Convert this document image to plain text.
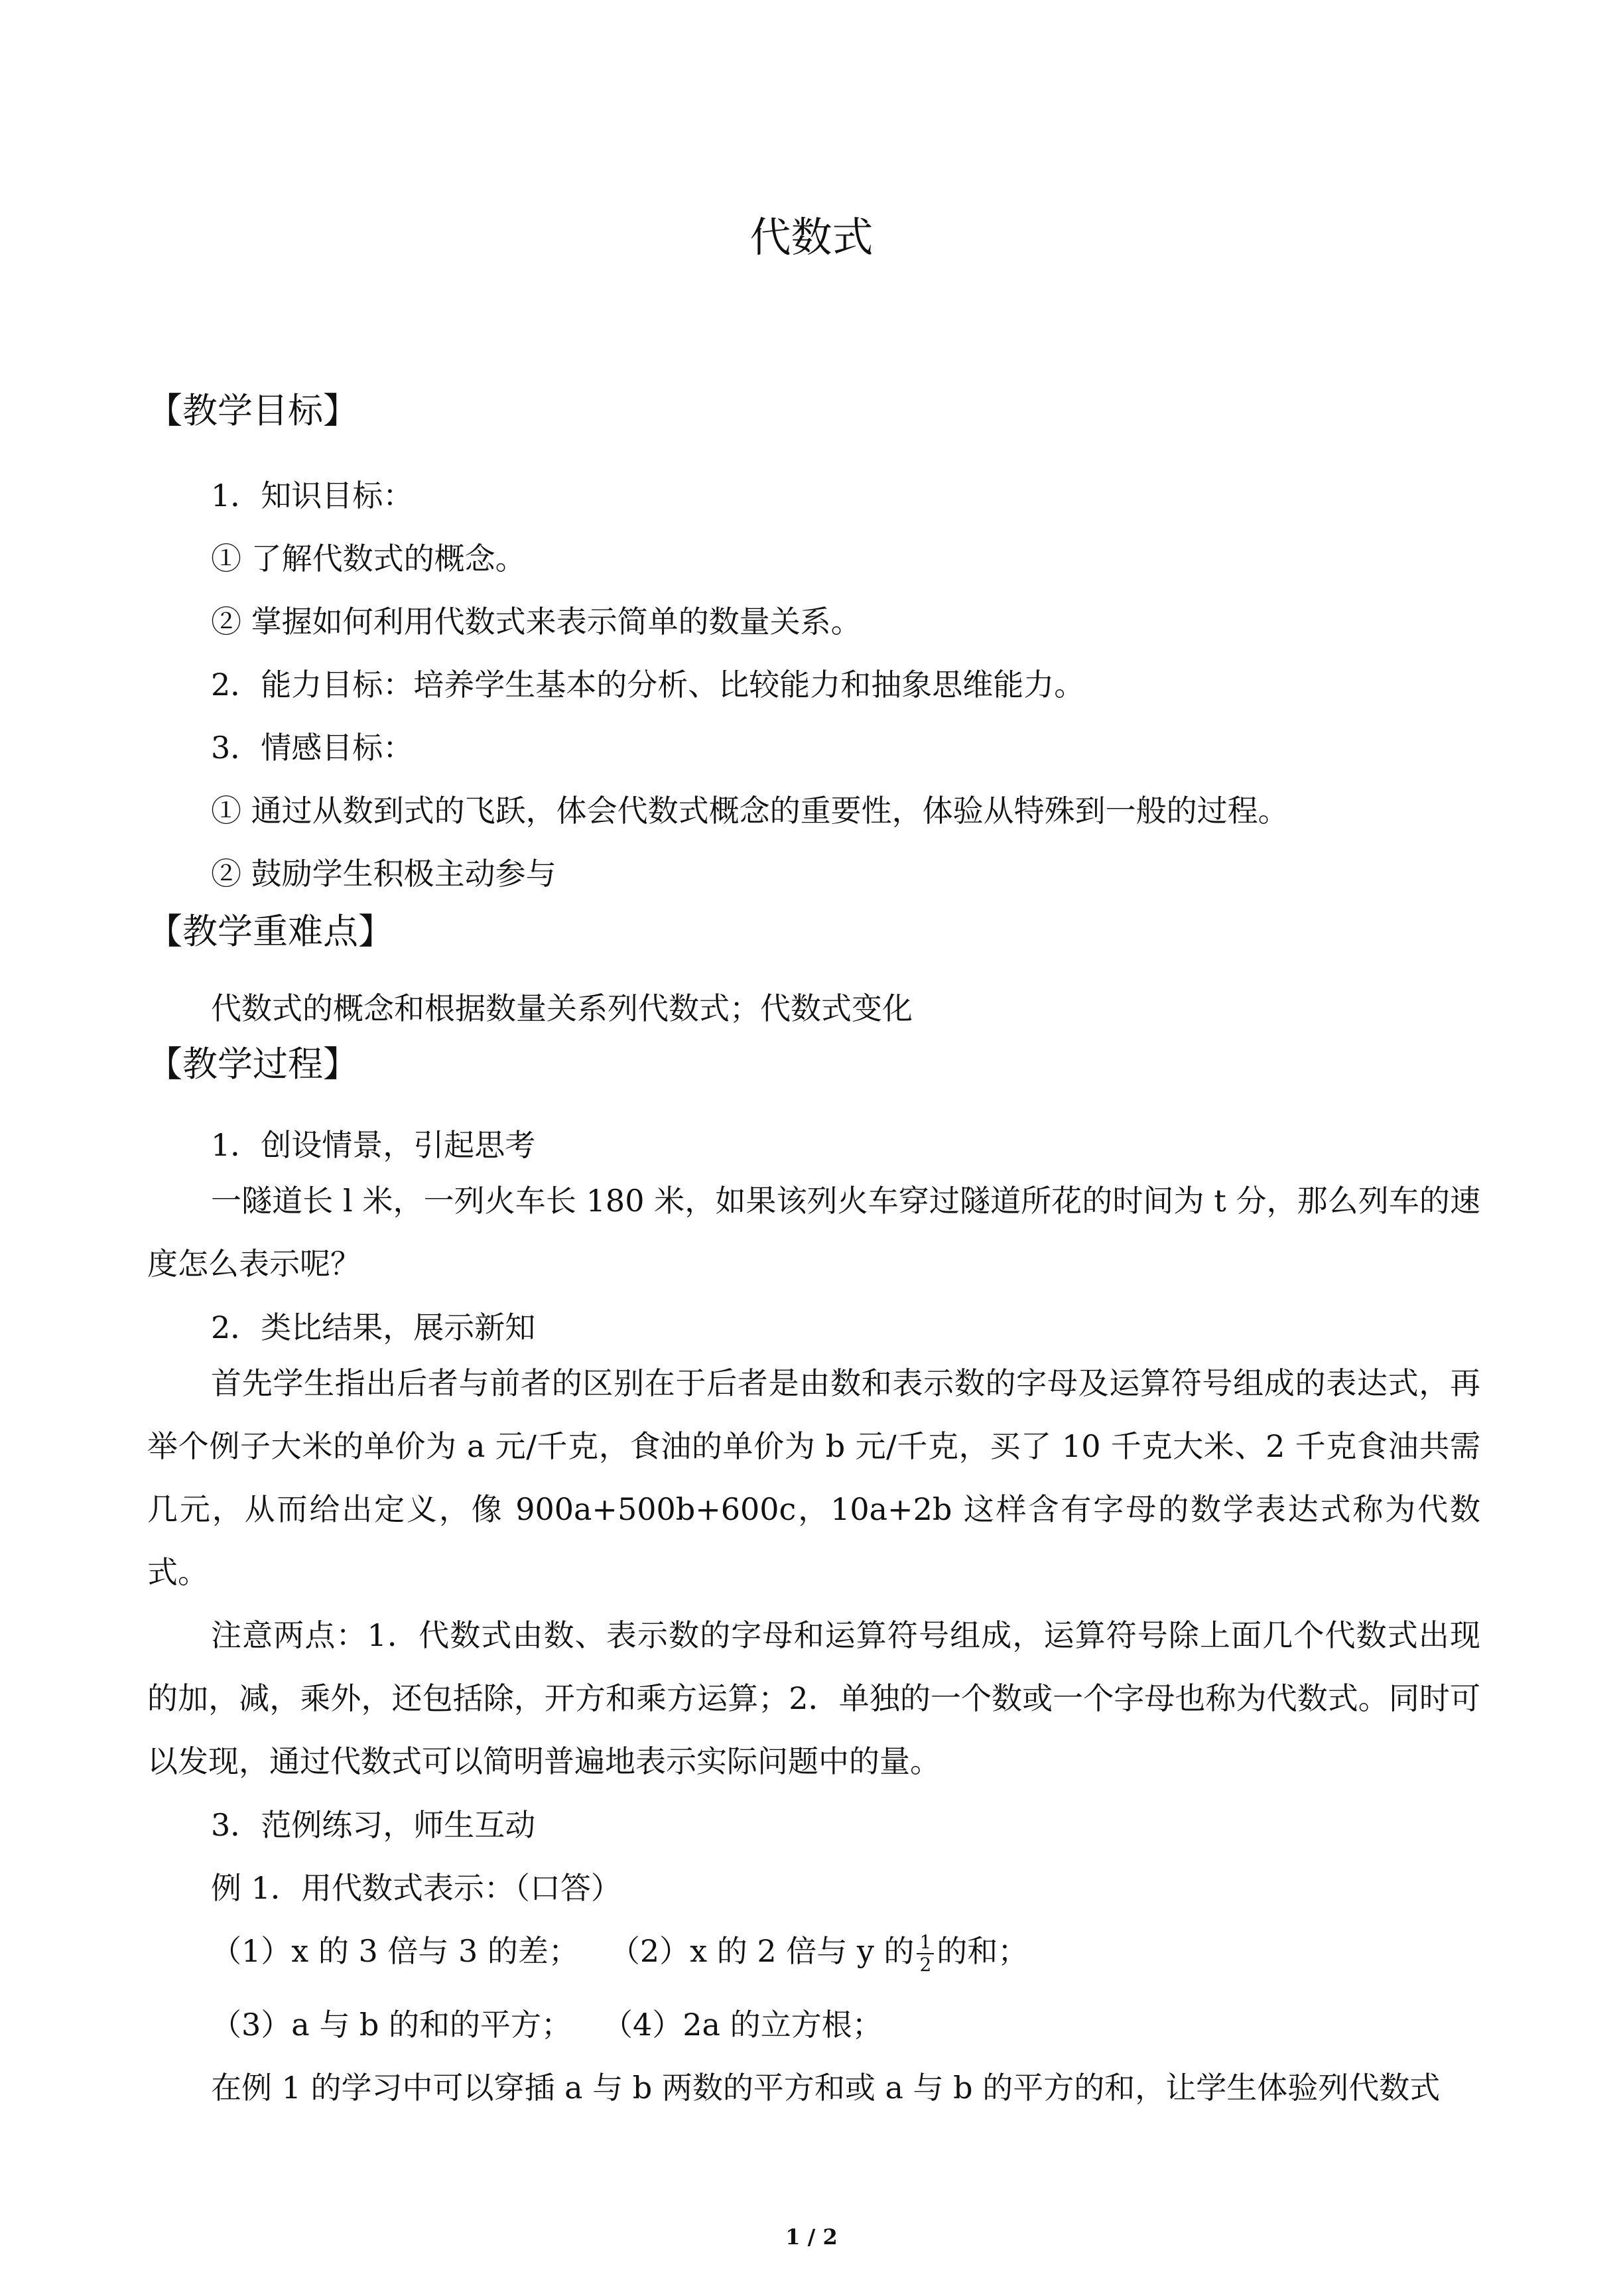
代数式
【教学目标】

1．知识目标：

① 了解代数式的概念。

② 掌握如何利用代数式来表示简单的数量关系。

2．能力目标：培养学生基本的分析、比较能力和抽象思维能力。

3．情感目标：

① 通过从数到式的飞跃，体会代数式概念的重要性，体验从特殊到一般的过程。

② 鼓励学生积极主动参与

【教学重难点】

代数式的概念和根据数量关系列代数式；代数式变化

【教学过程】

1．创设情景，引起思考

一隧道长 l 米，一列火车长 180 米，如果该列火车穿过隧道所花的时间为 t 分，那么列车的速度怎么表示呢？

2．类比结果，展示新知

首先学生指出后者与前者的区别在于后者是由数和表示数的字母及运算符号组成的表达式，再举个例子大米的单价为 a 元/千克，食油的单价为 b 元/千克，买了 10 千克大米、2 千克食油共需几元，从而给出定义，像 900a+500b+600c，10a+2b 这样含有字母的数学表达式称为代数式。

注意两点：1．代数式由数、表示数的字母和运算符号组成，运算符号除上面几个代数式出现的加，减，乘外，还包括除，开方和乘方运算；2．单独的一个数或一个字母也称为代数式。同时可以发现，通过代数式可以简明普遍地表示实际问题中的量。

3．范例练习，师生互动

例 1．用代数式表示：（口答）

（1）x 的 3 倍与 3 的差； （2）x 的 2 倍与 y 的 $\frac{1}{2}$ 的和；

（3）a 与 b 的和的平方； （4）2a 的立方根；

在例 1 的学习中可以穿插 a 与 b 两数的平方和或 a 与 b 的平方的和，让学生体验列代数式

1 / 2
